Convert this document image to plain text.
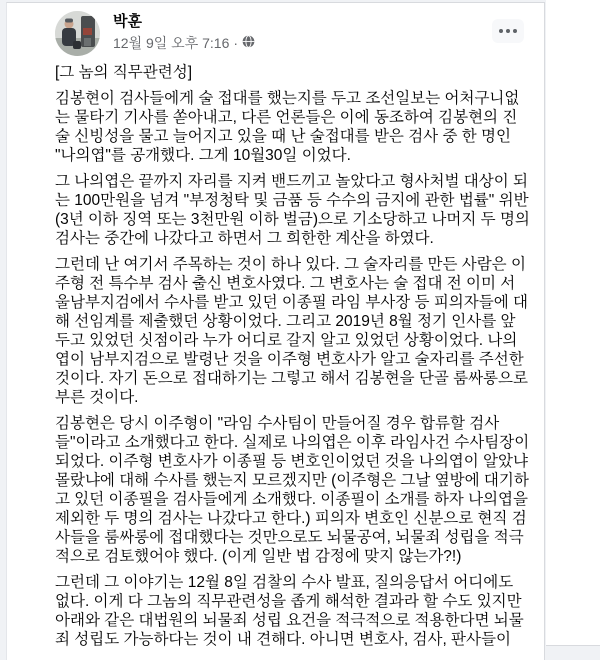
박훈
12월 9일 오후 7:16 ·

[그 놈의 직무관련성]

김봉현이 검사들에게 술 접대를 했는지를 두고 조선일보는 어처구니없는 물타기 기사를 쏟아내고, 다른 언론들은 이에 동조하여 김봉현의 진술 신빙성을 물고 늘어지고 있을 때 난 술접대를 받은 검사 중 한 명인 "나의엽"를 공개했다. 그게 10월30일 이었다.

그 나의엽은 끝까지 자리를 지켜 밴드끼고 놀았다고 형사처벌 대상이 되는 100만원을 넘겨 "부정청탁 및 금품 등 수수의 금지에 관한 법률" 위반 (3년 이하 징역 또는 3천만원 이하 벌금)으로 기소당하고 나머지 두 명의 검사는 중간에 나갔다고 하면서 그 희한한 계산을 하였다.

그런데 난 여기서 주목하는 것이 하나 있다. 그 술자리를 만든 사람은 이주형 전 특수부 검사 출신 변호사였다. 그 변호사는 술 접대 전 이미 서울남부지검에서 수사를 받고 있던 이종필 라임 부사장 등 피의자들에 대해 선임계를 제출했던 상황이었다. 그리고 2019년 8월 정기 인사를 앞두고 있었던 싯점이라 누가 어디로 갈지 알고 있었던 상황이었다. 나의엽이 남부지검으로 발령난 것을 이주형 변호사가 알고 술자리를 주선한 것이다. 자기 돈으로 접대하기는 그렇고 해서 김봉현을 단골 룸싸롱으로 부른 것이다.

김봉현은 당시 이주형이 "라임 수사팀이 만들어질 경우 합류할 검사들"이라고 소개했다고 한다. 실제로 나의엽은 이후 라임사건 수사팀장이 되었다. 이주형 변호사가 이종필 등 변호인이었던 것을 나의엽이 알았냐 몰랐냐에 대해 수사를 했는지 모르겠지만 (이주형은 그날 옆방에 대기하고 있던 이종필을 검사들에게 소개했다. 이종필이 소개를 하자 나의엽을 제외한 두 명의 검사는 나갔다고 한다.) 피의자 변호인 신분으로 현직 검사들을 룸싸롱에 접대했다는 것만으로도 뇌물공여, 뇌물죄 성립을 적극적으로 검토했어야 했다. (이게 일반 법 감정에 맞지 않는가?!)

그런데 그 이야기는 12월 8일 검찰의 수사 발표, 질의응답서 어디에도 없다. 이게 다 그놈의 직무관련성을 좁게 해석한 결과라 할 수도 있지만 아래와 같은 대법원의 뇌물죄 성립 요건을 적극적으로 적용한다면 뇌물죄 성립도 가능하다는 것이 내 견해다. 아니면 변호사, 검사, 판사들이
